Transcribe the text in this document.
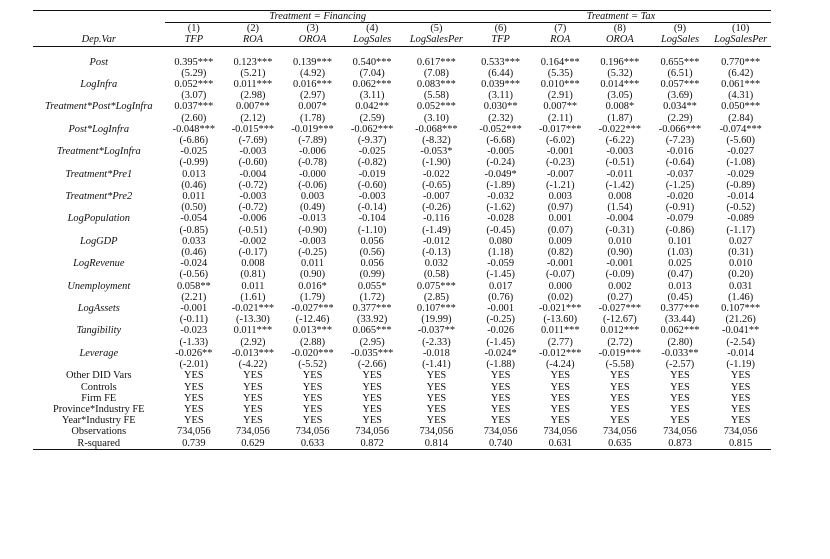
	Treatment = Financing					Treatment = Tax				
	(1)	(2)	(3)	(4)	(5)	(6)	(7)	(8)	(9)	(10)
Dep.Var	TFP	ROA	OROA	LogSales	LogSalesPer	TFP	ROA	OROA	LogSales	LogSalesPer

Post	0.395***	0.123***	0.139***	0.540***	0.617***	0.533***	0.164***	0.196***	0.655***	0.770***
	(5.29)	(5.21)	(4.92)	(7.04)	(7.08)	(6.44)	(5.35)	(5.32)	(6.51)	(6.42)
LogInfra	0.052***	0.011***	0.016***	0.062***	0.083***	0.039***	0.010***	0.014***	0.057***	0.061***
	(3.07)	(2.98)	(2.97)	(3.11)	(5.58)	(3.11)	(2.91)	(3.05)	(3.69)	(4.31)
Treatment*Post*LogInfra	0.037***	0.007**	0.007*	0.042**	0.052***	0.030**	0.007**	0.008*	0.034**	0.050***
	(2.60)	(2.12)	(1.78)	(2.59)	(3.10)	(2.32)	(2.11)	(1.87)	(2.29)	(2.84)
Post*LogInfra	-0.048***	-0.015***	-0.019***	-0.062***	-0.068***	-0.052***	-0.017***	-0.022***	-0.066***	-0.074***
	(-6.86)	(-7.69)	(-7.89)	(-9.37)	(-8.32)	(-6.68)	(-6.02)	(-6.22)	(-7.23)	(-5.60)
Treatment*LogInfra	-0.025	-0.003	-0.006	-0.025	-0.053*	-0.005	-0.001	-0.003	-0.016	-0.027
	(-0.99)	(-0.60)	(-0.78)	(-0.82)	(-1.90)	(-0.24)	(-0.23)	(-0.51)	(-0.64)	(-1.08)
Treatment*Pre1	0.013	-0.004	-0.000	-0.019	-0.022	-0.049*	-0.007	-0.011	-0.037	-0.029
	(0.46)	(-0.72)	(-0.06)	(-0.60)	(-0.65)	(-1.89)	(-1.21)	(-1.42)	(-1.25)	(-0.89)
Treatment*Pre2	0.011	-0.003	0.003	-0.003	-0.007	-0.032	0.003	0.008	-0.020	-0.014
	(0.50)	(-0.72)	(0.49)	(-0.14)	(-0.26)	(-1.62)	(0.97)	(1.54)	(-0.91)	(-0.52)
LogPopulation	-0.054	-0.006	-0.013	-0.104	-0.116	-0.028	0.001	-0.004	-0.079	-0.089
	(-0.85)	(-0.51)	(-0.90)	(-1.10)	(-1.49)	(-0.45)	(0.07)	(-0.31)	(-0.86)	(-1.17)
LogGDP	0.033	-0.002	-0.003	0.056	-0.012	0.080	0.009	0.010	0.101	0.027
	(0.46)	(-0.17)	(-0.25)	(0.56)	(-0.13)	(1.18)	(0.82)	(0.90)	(1.03)	(0.31)
LogRevenue	-0.024	0.008	0.011	0.056	0.032	-0.059	-0.001	-0.001	0.025	0.010
	(-0.56)	(0.81)	(0.90)	(0.99)	(0.58)	(-1.45)	(-0.07)	(-0.09)	(0.47)	(0.20)
Unemployment	0.058**	0.011	0.016*	0.055*	0.075***	0.017	0.000	0.002	0.013	0.031
	(2.21)	(1.61)	(1.79)	(1.72)	(2.85)	(0.76)	(0.02)	(0.27)	(0.45)	(1.46)
LogAssets	-0.001	-0.021***	-0.027***	0.377***	0.107***	-0.001	-0.021***	-0.027***	0.377***	0.107***
	(-0.11)	(-13.30)	(-12.46)	(33.92)	(19.99)	(-0.25)	(-13.60)	(-12.67)	(33.44)	(21.26)
Tangibility	-0.023	0.011***	0.013***	0.065***	-0.037**	-0.026	0.011***	0.012***	0.062***	-0.041**
	(-1.33)	(2.92)	(2.88)	(2.95)	(-2.33)	(-1.45)	(2.77)	(2.72)	(2.80)	(-2.54)
Leverage	-0.026**	-0.013***	-0.020***	-0.035***	-0.018	-0.024*	-0.012***	-0.019***	-0.033**	-0.014
	(-2.01)	(-4.22)	(-5.52)	(-2.66)	(-1.41)	(-1.88)	(-4.24)	(-5.58)	(-2.57)	(-1.19)
Other DID Vars	YES	YES	YES	YES	YES	YES	YES	YES	YES	YES
Controls	YES	YES	YES	YES	YES	YES	YES	YES	YES	YES
Firm FE	YES	YES	YES	YES	YES	YES	YES	YES	YES	YES
Province*Industry FE	YES	YES	YES	YES	YES	YES	YES	YES	YES	YES
Year*Industry FE	YES	YES	YES	YES	YES	YES	YES	YES	YES	YES
Observations	734,056	734,056	734,056	734,056	734,056	734,056	734,056	734,056	734,056	734,056
R-squared	0.739	0.629	0.633	0.872	0.814	0.740	0.631	0.635	0.873	0.815
